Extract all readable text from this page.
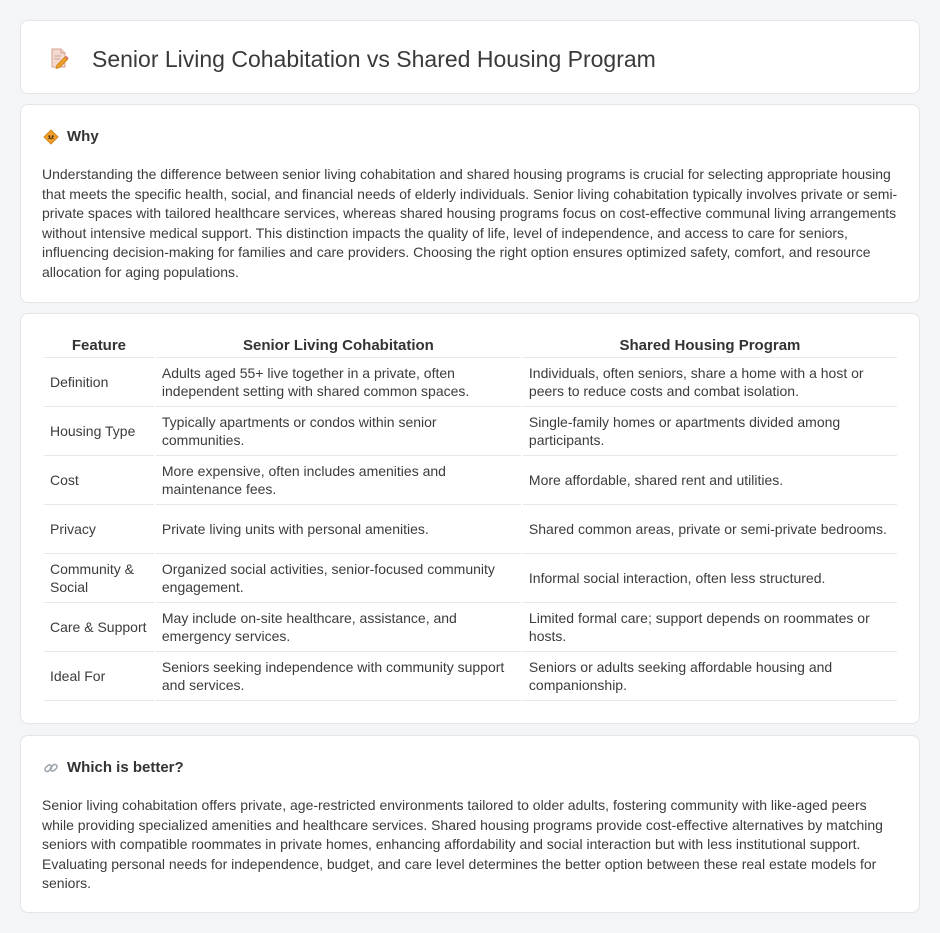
Senior Living Cohabitation vs Shared Housing Program
Why

Understanding the difference between senior living cohabitation and shared housing programs is crucial for selecting appropriate housing that meets the specific health, social, and financial needs of elderly individuals. Senior living cohabitation typically involves private or semi-private spaces with tailored healthcare services, whereas shared housing programs focus on cost-effective communal living arrangements without intensive medical support. This distinction impacts the quality of life, level of independence, and access to care for seniors, influencing decision-making for families and care providers. Choosing the right option ensures optimized safety, comfort, and resource allocation for aging populations.

Feature	Senior Living Cohabitation	Shared Housing Program
Definition	Adults aged 55+ live together in a private, often independent setting with shared common spaces.	Individuals, often seniors, share a home with a host or peers to reduce costs and combat isolation.
Housing Type	Typically apartments or condos within senior communities.	Single-family homes or apartments divided among participants.
Cost	More expensive, often includes amenities and maintenance fees.	More affordable, shared rent and utilities.
Privacy	Private living units with personal amenities.	Shared common areas, private or semi-private bedrooms.
Community & Social	Organized social activities, senior-focused community engagement.	Informal social interaction, often less structured.
Care & Support	May include on-site healthcare, assistance, and emergency services.	Limited formal care; support depends on roommates or hosts.
Ideal For	Seniors seeking independence with community support and services.	Seniors or adults seeking affordable housing and companionship.
Which is better?

Senior living cohabitation offers private, age-restricted environments tailored to older adults, fostering community with like-aged peers while providing specialized amenities and healthcare services. Shared housing programs provide cost-effective alternatives by matching seniors with compatible roommates in private homes, enhancing affordability and social interaction but with less institutional support. Evaluating personal needs for independence, budget, and care level determines the better option between these real estate models for seniors.
